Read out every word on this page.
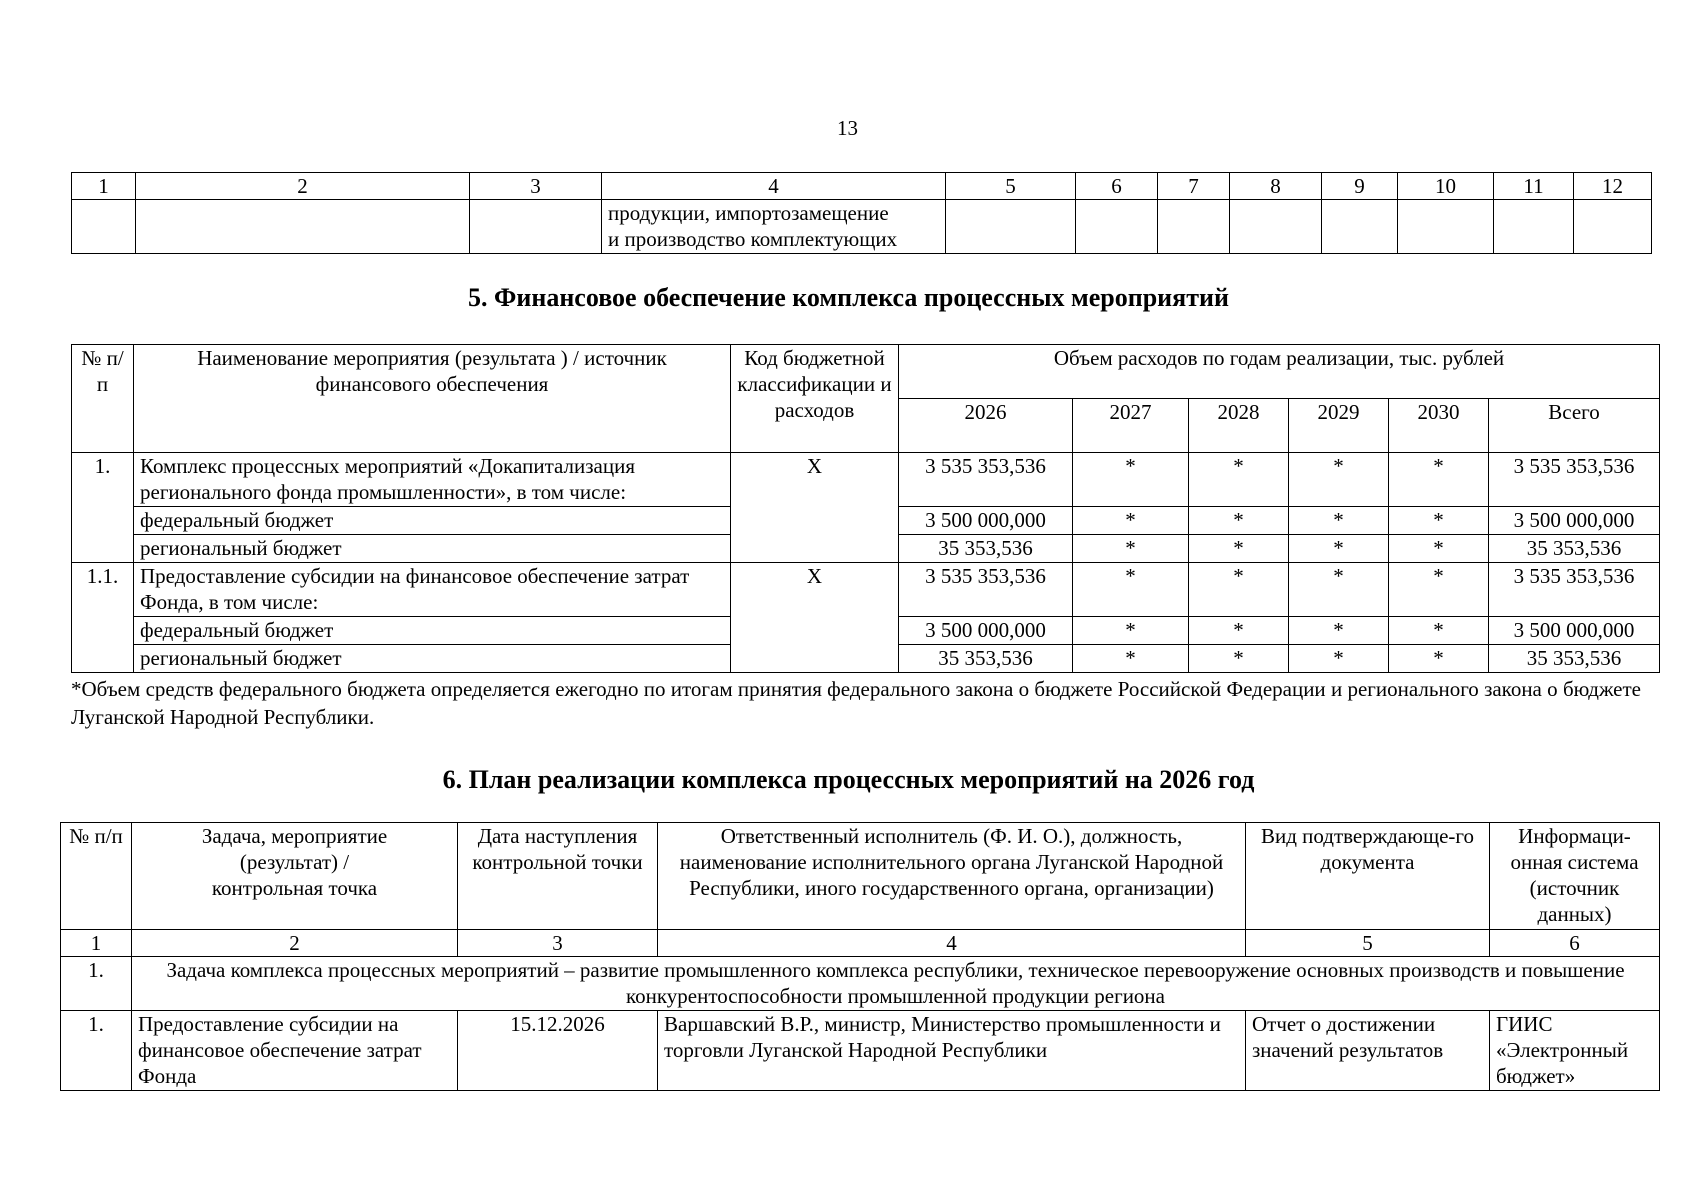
13
1	2	3	4	5	6	7	8	9	10	11	12

			продукции, импортозамещение
и производство комплектующих								

5. Финансовое обеспечение комплекса процессных мероприятий
№ п/п	Наименование мероприятия (результата ) / источник финансового обеспечения	Код бюджетной классификации и расходов	Объем расходов по годам реализации, тыс. рублей					
			2026	2027	2028	2029	2030	Всего
1.	Комплекс процессных мероприятий «Докапитализация регионального фонда промышленности», в том числе:	Х	3 535 353,536	*	*	*	*	3 535 353,536
	федеральный бюджет		3 500 000,000	*	*	*	*	3 500 000,000
	региональный бюджет		35 353,536	*	*	*	*	35 353,536
1.1.	Предоставление субсидии на финансовое обеспечение затрат Фонда, в том числе:	Х	3 535 353,536	*	*	*	*	3 535 353,536
	федеральный бюджет		3 500 000,000	*	*	*	*	3 500 000,000
	региональный бюджет		35 353,536	*	*	*	*	35 353,536
*Объем средств федерального бюджета определяется ежегодно по итогам принятия федерального закона о бюджете Российской Федерации и регионального закона о бюджете Луганской Народной Республики.
6. План реализации комплекса процессных мероприятий на 2026 год
№ п/п	Задача, мероприятие (результат) / контрольная точка	Дата наступления контрольной точки	Ответственный исполнитель (Ф. И. О.), должность, наименование исполнительного органа Луганской Народной Республики, иного государственного органа, организации)	Вид подтверждающе-го документа	Информаци-онная система (источник данных)
1	2	3	4	5	6
1.	Задача комплекса процессных мероприятий – развитие промышленного комплекса республики, техническое перевооружение основных производств и повышение конкурентоспособности промышленной продукции региона				
1.	Предоставление субсидии на финансовое обеспечение затрат Фонда	15.12.2026	Варшавский В.Р., министр, Министерство промышленности и торговли Луганской Народной Республики	Отчет о достижении значений результатов	ГИИС «Электронный бюджет»
